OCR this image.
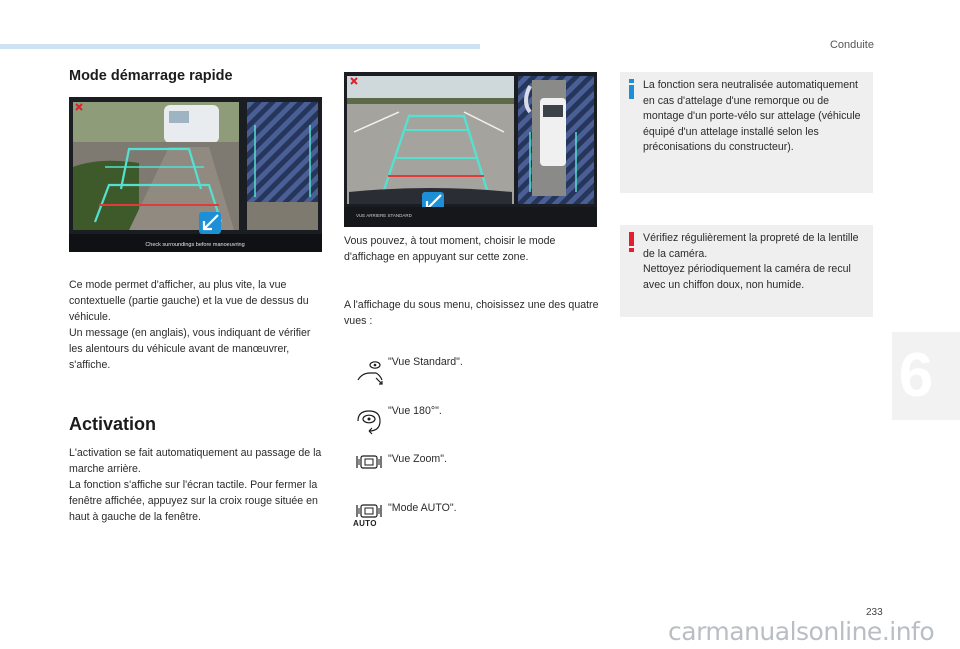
Conduite
Mode démarrage rapide
Check surroundings before manoeuvring
Ce mode permet d'afficher, au plus vite, la vue contextuelle (partie gauche) et la vue de dessus du véhicule.
Un message (en anglais), vous indiquant de vérifier les alentours du véhicule avant de manœuvrer, s'affiche.
Activation
L'activation se fait automatiquement au passage de la marche arrière.
La fonction s'affiche sur l'écran tactile. Pour fermer la fenêtre affichée, appuyez sur la croix rouge située en haut à gauche de la fenêtre.
VUE ARRIERE STANDARD
Vous pouvez, à tout moment, choisir le mode d'affichage en appuyant sur cette zone.
A l'affichage du sous menu, choisissez une des quatre vues :
"Vue Standard".
"Vue 180°".
"Vue Zoom".
AUTO
"Mode AUTO".
La fonction sera neutralisée automatiquement en cas d'attelage d'une remorque ou de montage d'un porte-vélo sur attelage (véhicule équipé d'un attelage installé selon les préconisations du constructeur).
Vérifiez régulièrement la propreté de la lentille de la caméra.
Nettoyez périodiquement la caméra de recul avec un chiffon doux, non humide.
6
233
carmanualsonline.info
